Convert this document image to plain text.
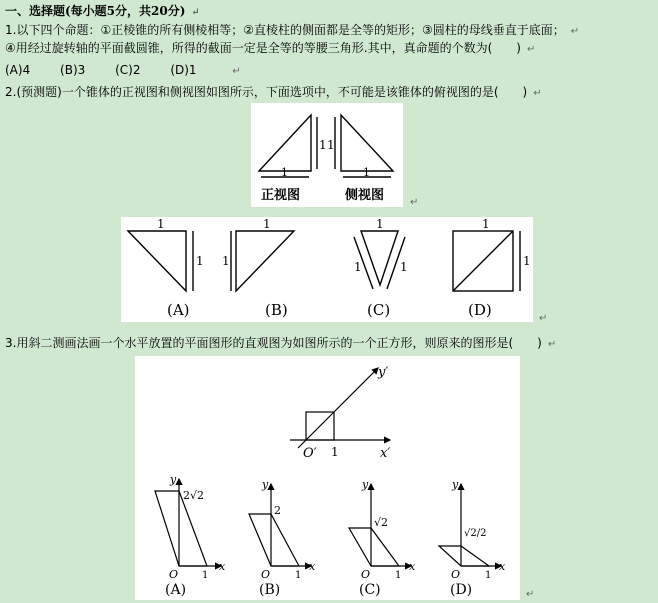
一、选择题(每小题5分，共20分) ↵
1.以下四个命题：①正棱锥的所有侧棱相等；②直棱柱的侧面都是全等的矩形；③圆柱的母线垂直于底面； ↵
④用经过旋转轴的平面截圆锥，所得的截面一定是全等的等腰三角形.其中，真命题的个数为(　　) ↵
(A)4 (B)3 (C)2 (D)1	↵
2.(预测题)一个锥体的正视图和侧视图如图所示，下面选项中，不可能是该锥体的俯视图的是(　　) ↵
1
1
1
1
正视图	侧视图	↵
1
1
1
1
1
1	1
1
1
(A)	(B)	(C)	(D)	↵
3.用斜二测画法画一个水平放置的平面图形的直观图为如图所示的一个正方形，则原来的图形是(　　) ↵
y′
x′
O′ 1
y
x
O 1
2√2
(A)
y
x
O 1
2
(B)
y
x
O 1
√2
(C)
y
x
O 1
√2/2
(D)	↵
